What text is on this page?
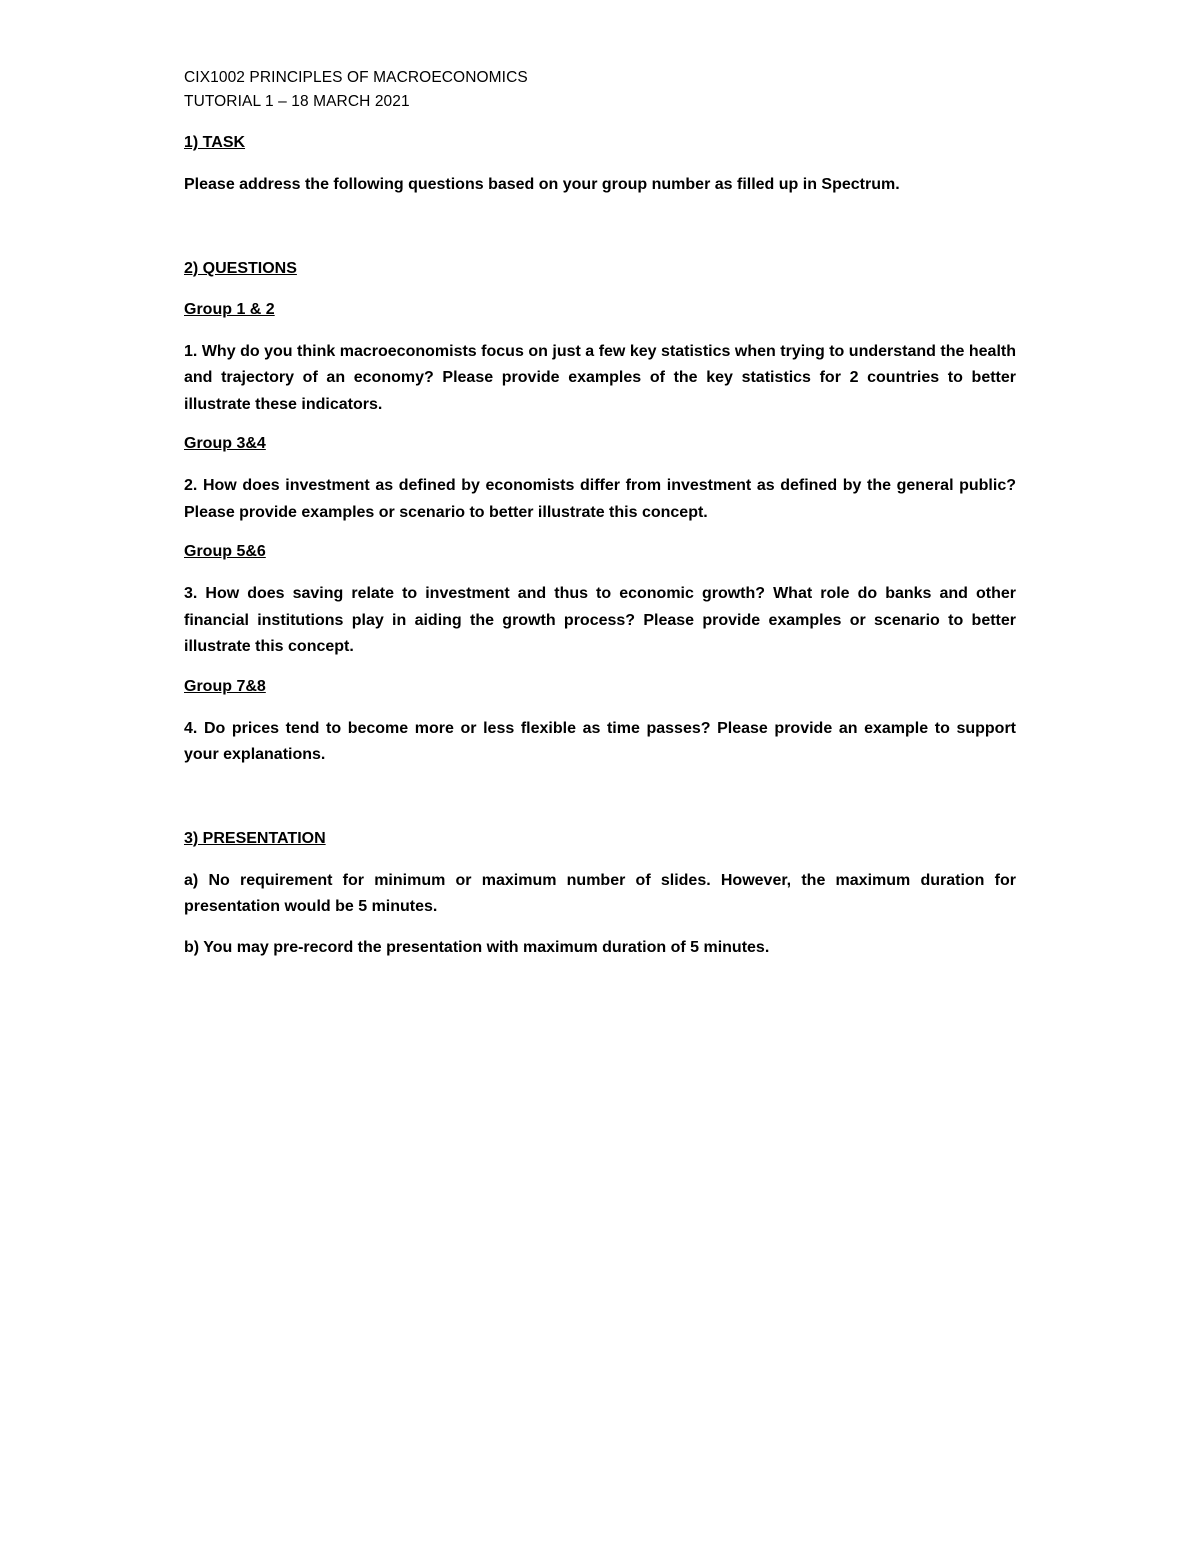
CIX1002 PRINCIPLES OF MACROECONOMICS
TUTORIAL 1 – 18 MARCH 2021
1) TASK
Please address the following questions based on your group number as filled up in Spectrum.
2) QUESTIONS
Group 1 & 2
1. Why do you think macroeconomists focus on just a few key statistics when trying to understand the health and trajectory of an economy? Please provide examples of the key statistics for 2 countries to better illustrate these indicators.
Group 3&4
2. How does investment as defined by economists differ from investment as defined by the general public? Please provide examples or scenario to better illustrate this concept.
Group 5&6
3. How does saving relate to investment and thus to economic growth? What role do banks and other financial institutions play in aiding the growth process? Please provide examples or scenario to better illustrate this concept.
Group 7&8
4. Do prices tend to become more or less flexible as time passes? Please provide an example to support your explanations.
3) PRESENTATION
a) No requirement for minimum or maximum number of slides. However, the maximum duration for presentation would be 5 minutes.
b) You may pre-record the presentation with maximum duration of 5 minutes.
